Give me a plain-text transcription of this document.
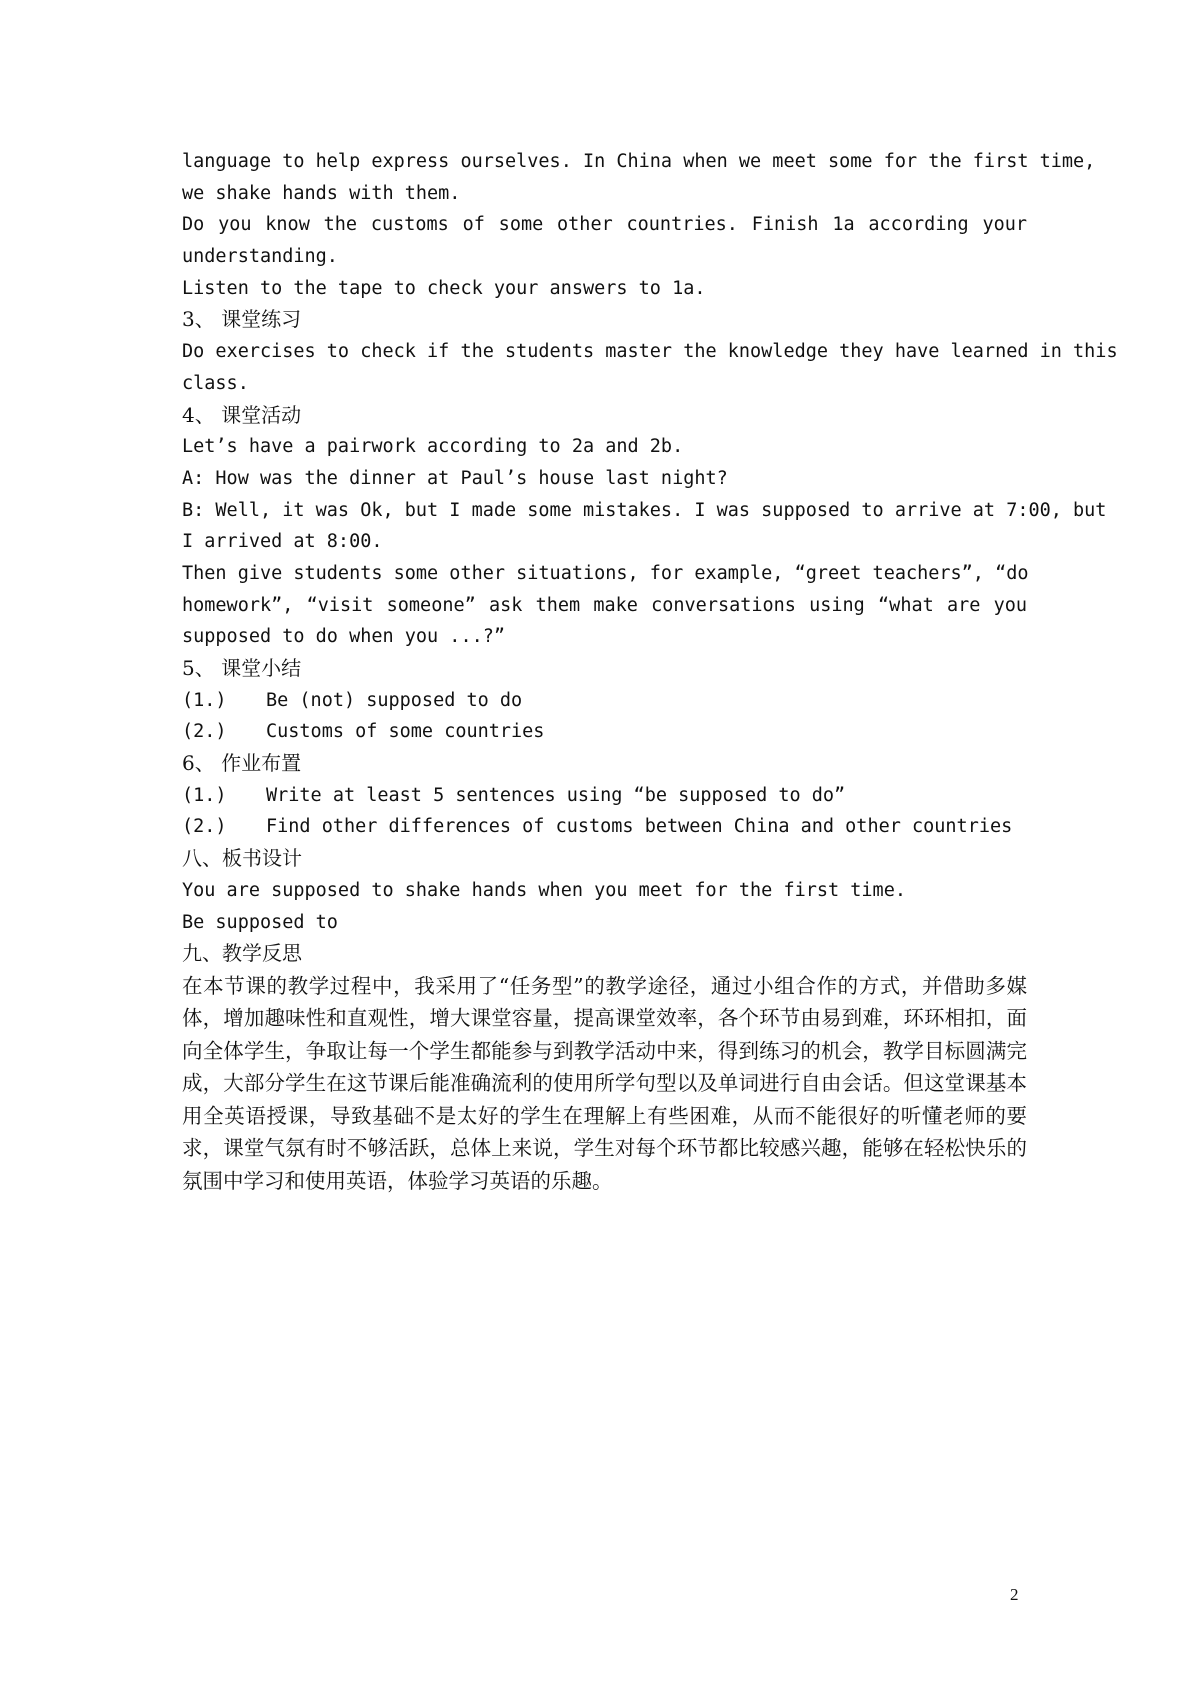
language to help express ourselves. In China when we meet some for the first time,
we shake hands with them.
Do you know the customs of some other countries. Finish 1a according your
understanding.
Listen to the tape to check your answers to 1a.
3、 课堂练习
Do exercises to check if the students master the knowledge they have learned in this
class.
4、 课堂活动
Let’s have a pairwork according to 2a and 2b.
A: How was the dinner at Paul’s house last night?
B: Well, it was Ok, but I made some mistakes. I was supposed to arrive at 7:00, but
I arrived at 8:00.
Then give students some other situations, for example, “greet teachers”, “do
homework”, “visit someone” ask them make conversations using “what are you
supposed to do when you ...?”
5、 课堂小结
(1.)	Be (not) supposed to do
(2.)	Customs of some countries
6、 作业布置
(1.)	Write at least 5 sentences using “be supposed to do”
(2.)	Find other differences of customs between China and other countries
八、板书设计
You are supposed to shake hands when you meet for the first time.
Be supposed to
九、教学反思
在本节课的教学过程中，我采用了“任务型”的教学途径，通过小组合作的方式，并借助多媒体，增加趣味性和直观性，增大课堂容量，提高课堂效率，各个环节由易到难，环环相扣，面向全体学生，争取让每一个学生都能参与到教学活动中来，得到练习的机会，教学目标圆满完成，大部分学生在这节课后能准确流利的使用所学句型以及单词进行自由会话。但这堂课基本用全英语授课，导致基础不是太好的学生在理解上有些困难，从而不能很好的听懂老师的要求，课堂气氛有时不够活跃，总体上来说，学生对每个环节都比较感兴趣，能够在轻松快乐的氛围中学习和使用英语，体验学习英语的乐趣。
2
